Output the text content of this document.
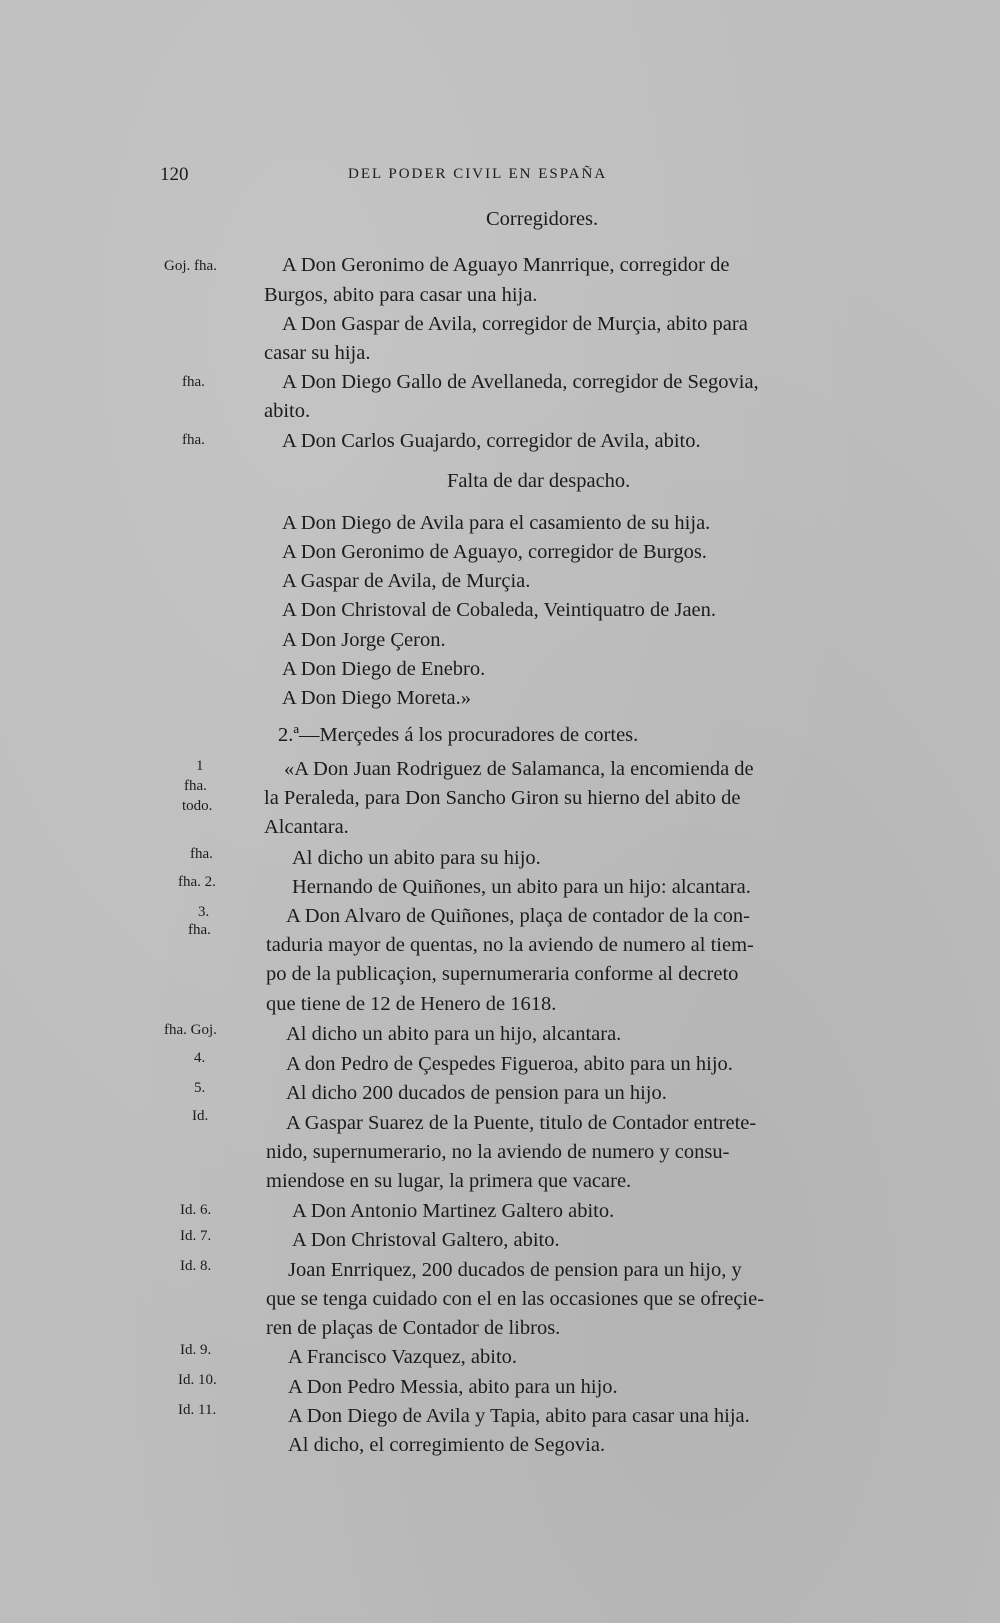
120	DEL PODER CIVIL EN ESPAÑA
Corregidores.
Falta de dar despacho.
Goj. fha.
fha.
fha.
1
fha.
todo.
fha.
fha. 2.
3.
fha.
fha. Goj.
4.
5.
Id.
Id. 6.
Id. 7.
Id. 8.
Id. 9.
Id. 10.
Id. 11.
A Don Geronimo de Aguayo Manrrique, corregidor de
Burgos, abito para casar una hija.
A Don Gaspar de Avila, corregidor de Murçia, abito para
casar su hija.
A Don Diego Gallo de Avellaneda, corregidor de Segovia,
abito.
A Don Carlos Guajardo, corregidor de Avila, abito.
A Don Diego de Avila para el casamiento de su hija.
A Don Geronimo de Aguayo, corregidor de Burgos.
A Gaspar de Avila, de Murçia.
A Don Christoval de Cobaleda, Veintiquatro de Jaen.
A Don Jorge Çeron.
A Don Diego de Enebro.
A Don Diego Moreta.»
2.ª—Merçedes á los procuradores de cortes.
«A Don Juan Rodriguez de Salamanca, la encomienda de
la Peraleda, para Don Sancho Giron su hierno del abito de
Alcantara.
Al dicho un abito para su hijo.
Hernando de Quiñones, un abito para un hijo: alcantara.
A Don Alvaro de Quiñones, plaça de contador de la con-
taduria mayor de quentas, no la aviendo de numero al tiem-
po de la publicaçion, supernumeraria conforme al decreto
que tiene de 12 de Henero de 1618.
Al dicho un abito para un hijo, alcantara.
A don Pedro de Çespedes Figueroa, abito para un hijo.
Al dicho 200 ducados de pension para un hijo.
A Gaspar Suarez de la Puente, titulo de Contador entrete-
nido, supernumerario, no la aviendo de numero y consu-
miendose en su lugar, la primera que vacare.
A Don Antonio Martinez Galtero abito.
A Don Christoval Galtero, abito.
Joan Enrriquez, 200 ducados de pension para un hijo, y
que se tenga cuidado con el en las occasiones que se ofreçie-
ren de plaças de Contador de libros.
A Francisco Vazquez, abito.
A Don Pedro Messia, abito para un hijo.
A Don Diego de Avila y Tapia, abito para casar una hija.
Al dicho, el corregimiento de Segovia.
